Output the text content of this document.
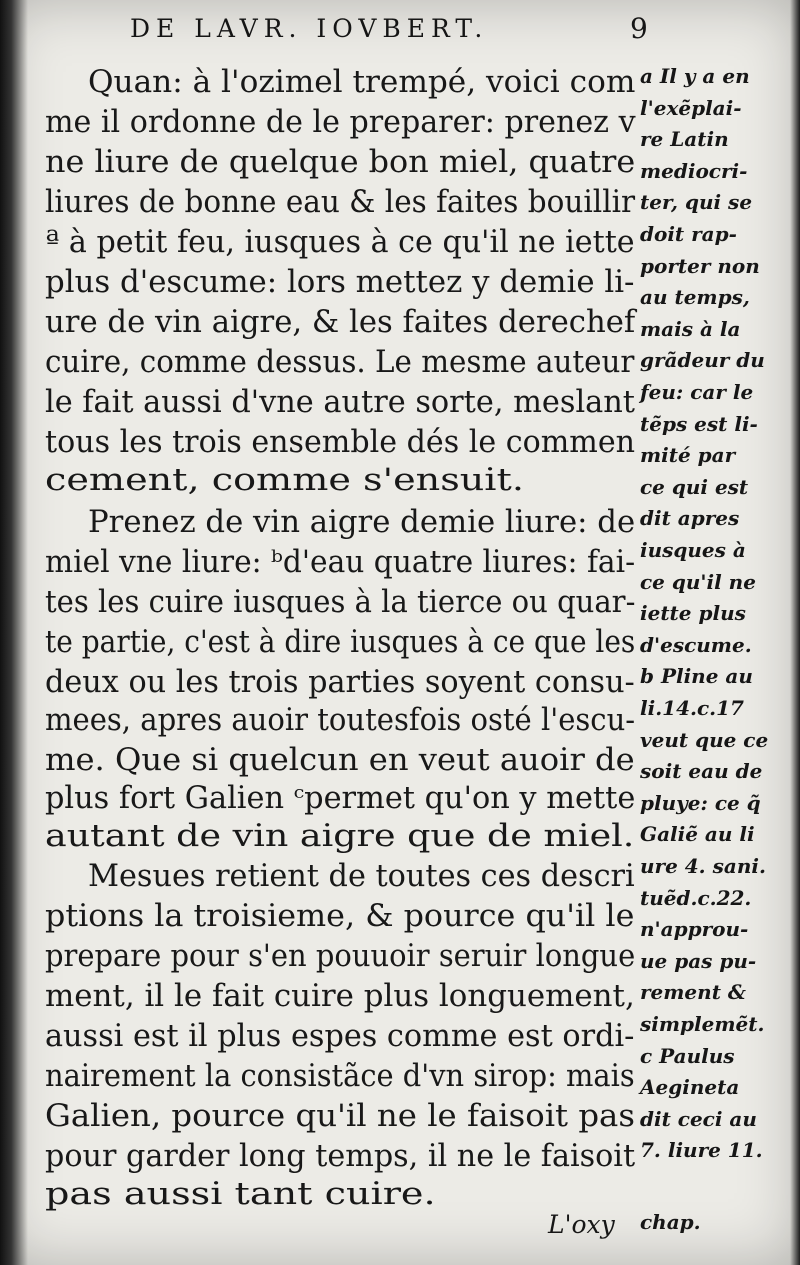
DE LAVR. IOVBERT.	9
Quan: à l'ozimel trempé, voici com
me il ordonne de le preparer: prenez v
ne liure de quelque bon miel, quatre
liures de bonne eau & les faites bouillir
ª à petit feu, iusques à ce qu'il ne iette
plus d'escume: lors mettez y demie li-
ure de vin aigre, & les faites derechef
cuire, comme dessus. Le mesme auteur
le fait aussi d'vne autre sorte, meslant
tous les trois ensemble dés le commen
cement, comme s'ensuit.
Prenez de vin aigre demie liure: de
miel vne liure: ᵇd'eau quatre liures: fai-
tes les cuire iusques à la tierce ou quar-
te partie, c'est à dire iusques à ce que les
deux ou les trois parties soyent consu-
mees, apres auoir toutesfois osté l'escu-
me. Que si quelcun en veut auoir de
plus fort Galien ᶜpermet qu'on y mette
autant de vin aigre que de miel.
Mesues retient de toutes ces descri
ptions la troisieme, & pource qu'il le
prepare pour s'en pouuoir seruir longue
ment, il le fait cuire plus longuement,
aussi est il plus espes comme est ordi-
nairement la consistãce d'vn sirop: mais
Galien, pource qu'il ne le faisoit pas
pour garder long temps, il ne le faisoit
pas aussi tant cuire.
a Il y a en
l'exẽplai-
re Latin
mediocri-
ter, qui se
doit rap-
porter non
au temps,
mais à la
grãdeur du
feu: car le
tẽps est li-
mité par
ce qui est
dit apres
iusques à
ce qu'il ne
iette plus
d'escume.
b Pline au
li.14.c.17
veut que ce
soit eau de
pluye: ce q̃
Galiẽ au li
ure 4. sani.
tuẽd.c.22.
n'approu-
ue pas pu-
rement &
simplemẽt.
c Paulus
Aegineta
dit ceci au
7. liure 11.
chap.
L'oxy
